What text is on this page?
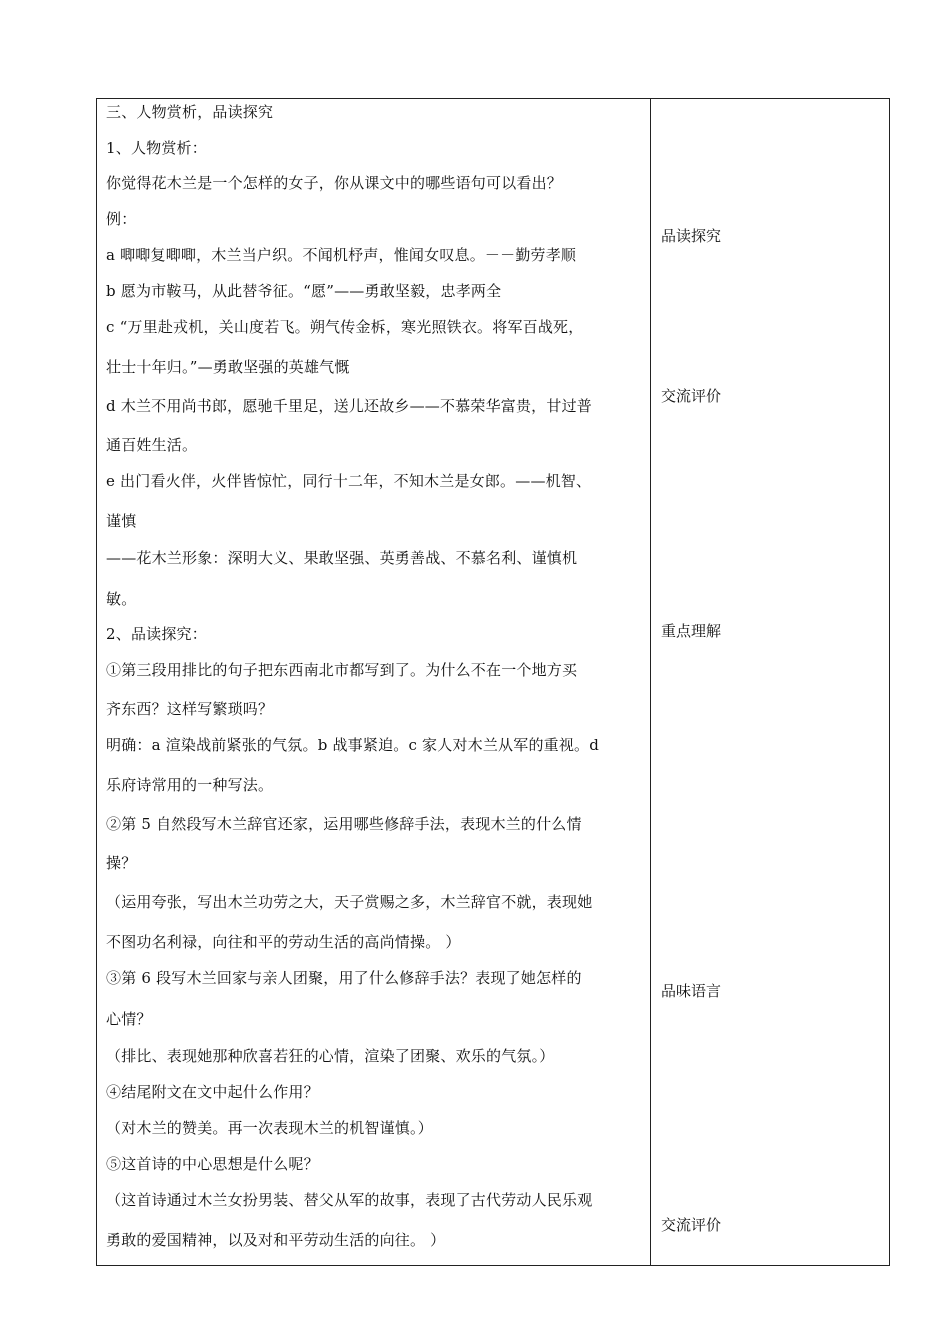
三、人物赏析，品读探究
1、人物赏析：
你觉得花木兰是一个怎样的女子，你从课文中的哪些语句可以看出？
例：
a 唧唧复唧唧，木兰当户织。不闻机杼声，惟闻女叹息。－－勤劳孝顺
b 愿为市鞍马，从此替爷征。“愿”——勇敢坚毅，忠孝两全
c “万里赴戎机，关山度若飞。朔气传金柝，寒光照铁衣。将军百战死，
壮士十年归。”—勇敢坚强的英雄气慨
d 木兰不用尚书郎，愿驰千里足，送儿还故乡——不慕荣华富贵，甘过普
通百姓生活。
e 出门看火伴，火伴皆惊忙，同行十二年，不知木兰是女郎。——机智、
谨慎
——花木兰形象：深明大义、果敢坚强、英勇善战、不慕名利、谨慎机
敏。
2、品读探究：
①第三段用排比的句子把东西南北市都写到了。为什么不在一个地方买
齐东西？这样写繁琐吗？
明确：a 渲染战前紧张的气氛。b 战事紧迫。c 家人对木兰从军的重视。d
乐府诗常用的一种写法。
②第 5 自然段写木兰辞官还家，运用哪些修辞手法，表现木兰的什么情
操？
（运用夸张，写出木兰功劳之大，天子赏赐之多，木兰辞官不就，表现她
不图功名利禄，向往和平的劳动生活的高尚情操。 ）
③第 6 段写木兰回家与亲人团聚，用了什么修辞手法？表现了她怎样的
心情？
（排比、表现她那种欣喜若狂的心情，渲染了团聚、欢乐的气氛。）
④结尾附文在文中起什么作用？
（对木兰的赞美。再一次表现木兰的机智谨慎。）
⑤这首诗的中心思想是什么呢？
（这首诗通过木兰女扮男装、替父从军的故事，表现了古代劳动人民乐观
勇敢的爱国精神，以及对和平劳动生活的向往。 ）
品读探究
交流评价
重点理解
品味语言
交流评价
